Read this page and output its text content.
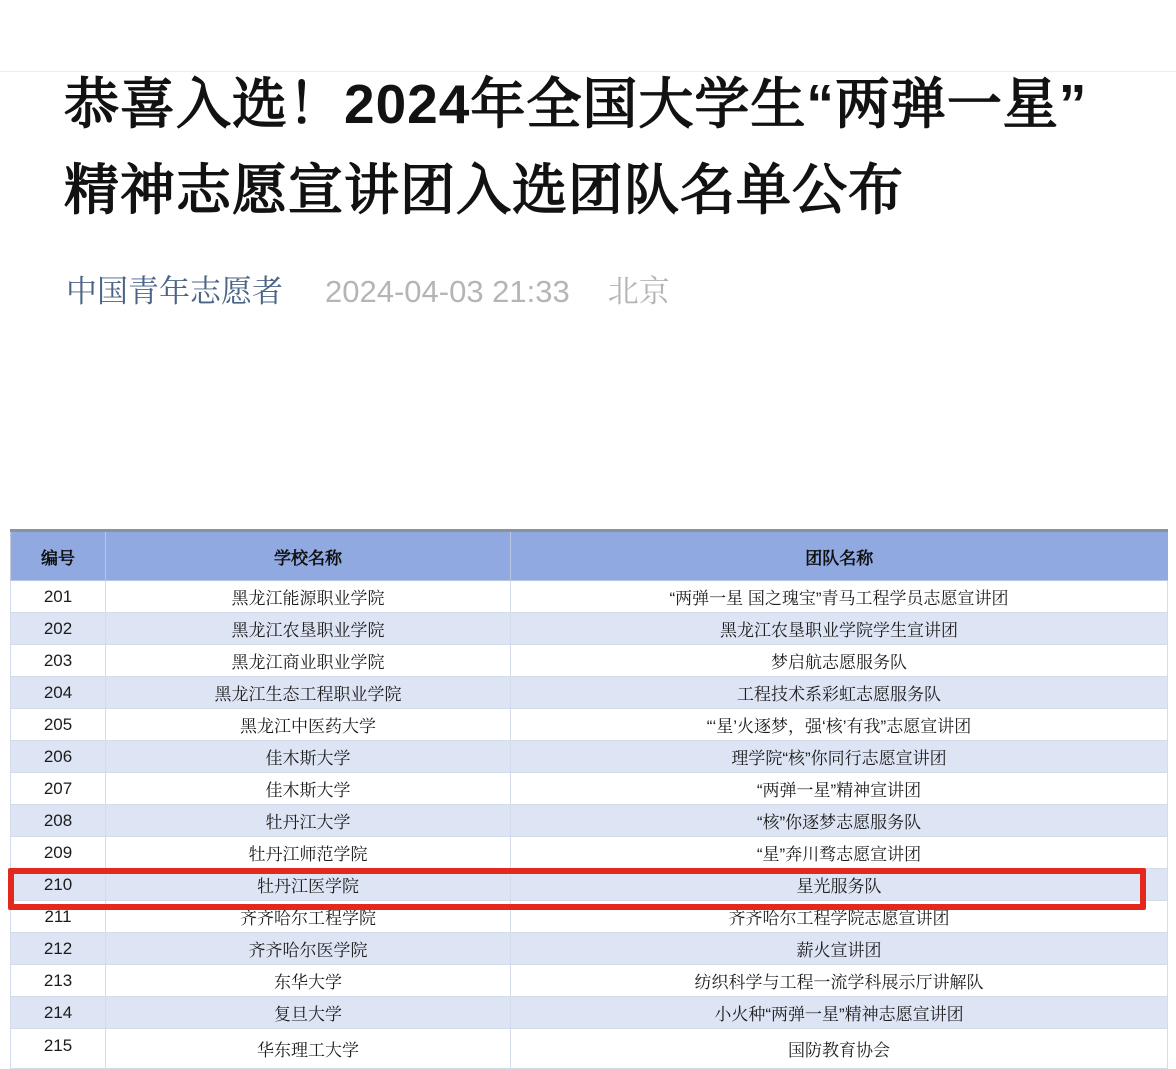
恭喜入选！2024年全国大学生“两弹一星”精神志愿宣讲团入选团队名单公布
中国青年志愿者 2024-04-03 21:33 北京
编号	学校名称	团队名称
201	黑龙江能源职业学院	“两弹一星 国之瑰宝”青马工程学员志愿宣讲团
202	黑龙江农垦职业学院	黑龙江农垦职业学院学生宣讲团
203	黑龙江商业职业学院	梦启航志愿服务队
204	黑龙江生态工程职业学院	工程技术系彩虹志愿服务队
205	黑龙江中医药大学	“‘星’火逐梦，强‘核’有我”志愿宣讲团
206	佳木斯大学	理学院“核”你同行志愿宣讲团
207	佳木斯大学	“两弹一星”精神宣讲团
208	牡丹江大学	“核”你逐梦志愿服务队
209	牡丹江师范学院	“星”奔川骛志愿宣讲团
210	牡丹江医学院	星光服务队
211	齐齐哈尔工程学院	齐齐哈尔工程学院志愿宣讲团
212	齐齐哈尔医学院	薪火宣讲团
213	东华大学	纺织科学与工程一流学科展示厅讲解队
214	复旦大学	小火种“两弹一星”精神志愿宣讲团
215	华东理工大学	国防教育协会
